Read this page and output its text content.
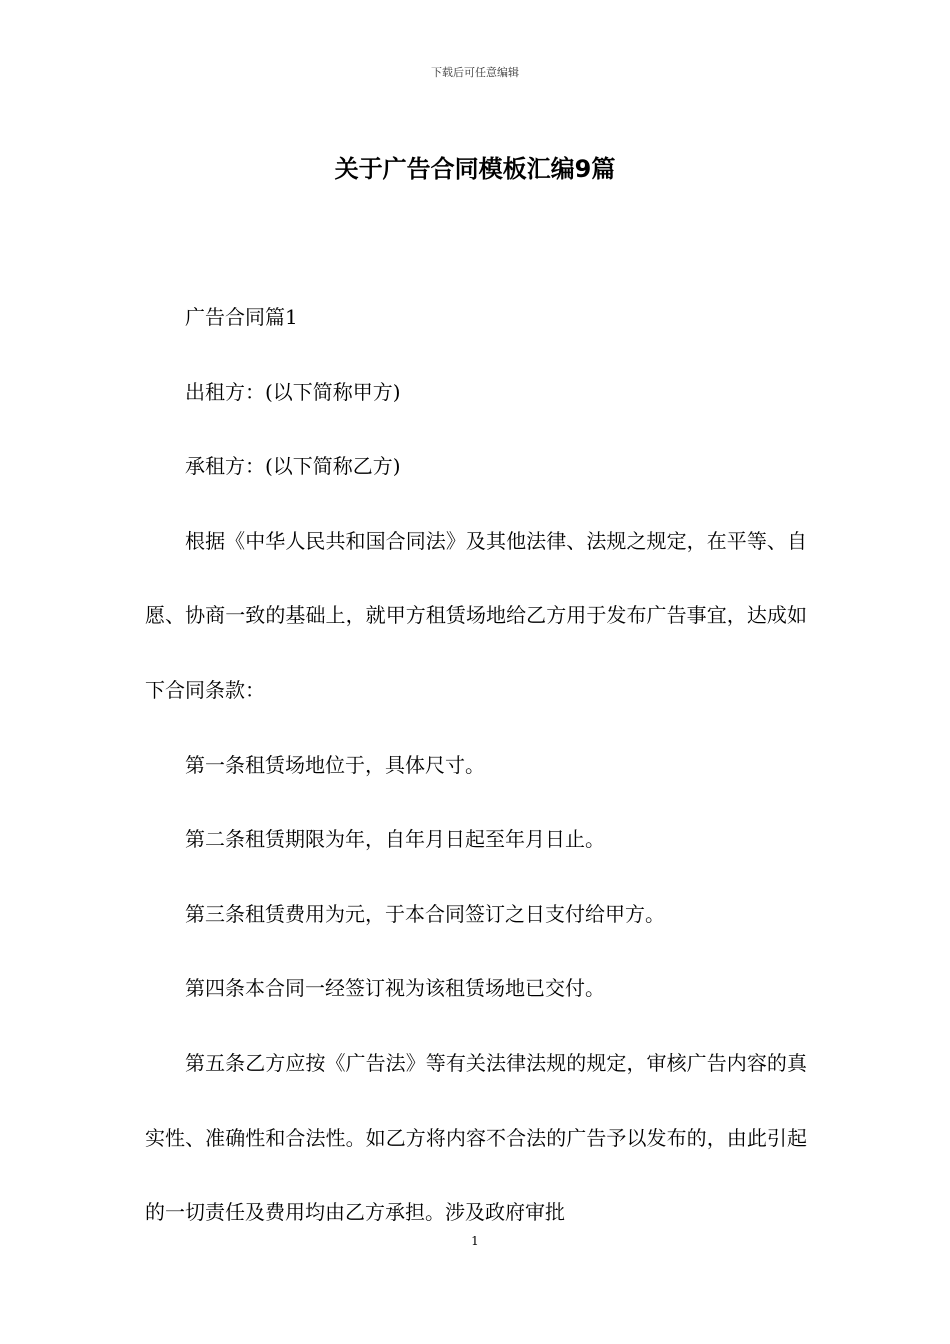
下载后可任意编辑
关于广告合同模板汇编9篇

广告合同篇1

出租方：(以下简称甲方)

承租方：(以下简称乙方)

根据《中华人民共和国合同法》及其他法律、法规之规定，在平等、自愿、协商一致的基础上，就甲方租赁场地给乙方用于发布广告事宜，达成如下合同条款：

第一条租赁场地位于，具体尺寸。

第二条租赁期限为年，自年月日起至年月日止。

第三条租赁费用为元，于本合同签订之日支付给甲方。

第四条本合同一经签订视为该租赁场地已交付。

第五条乙方应按《广告法》等有关法律法规的规定，审核广告内容的真实性、准确性和合法性。如乙方将内容不合法的广告予以发布的，由此引起的一切责任及费用均由乙方承担。涉及政府审批

1
